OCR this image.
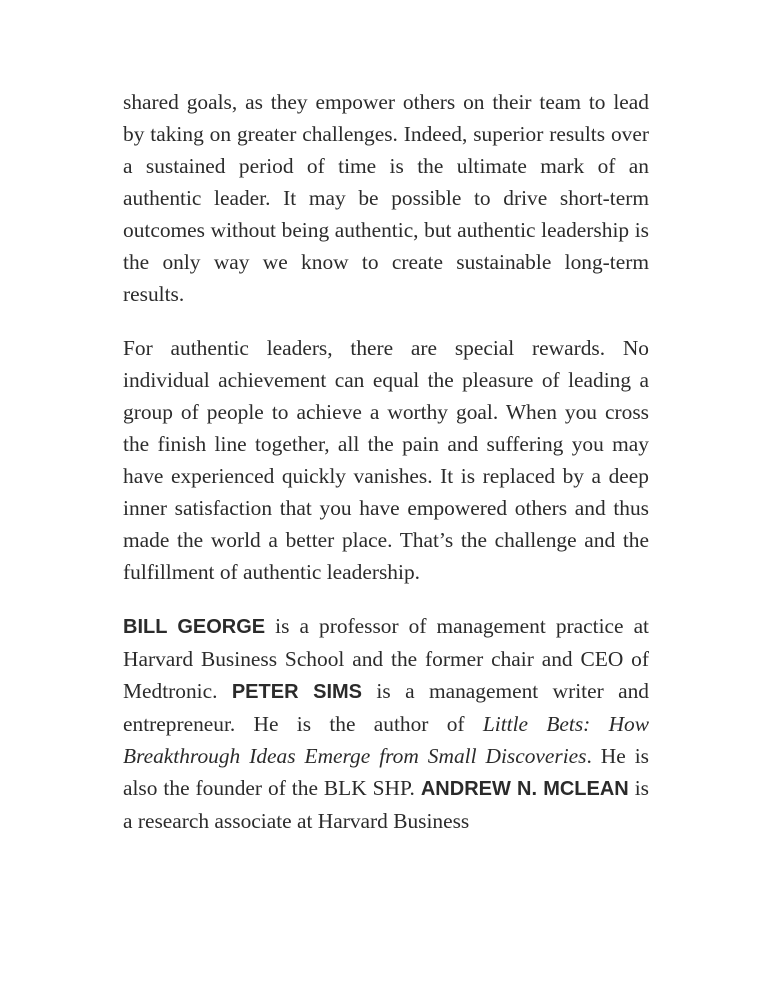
shared goals, as they empower others on their team to lead by taking on greater challenges. Indeed, superior results over a sustained period of time is the ultimate mark of an authentic leader. It may be possible to drive short-term outcomes without being authentic, but authentic leadership is the only way we know to create sustainable long-term results.

For authentic leaders, there are special rewards. No individual achievement can equal the pleasure of leading a group of people to achieve a worthy goal. When you cross the finish line together, all the pain and suffering you may have experienced quickly vanishes. It is replaced by a deep inner satisfaction that you have empowered others and thus made the world a better place. That’s the challenge and the fulfillment of authentic leadership.

BILL GEORGE is a professor of management practice at Harvard Business School and the former chair and CEO of Medtronic. PETER SIMS is a management writer and entrepreneur. He is the author of Little Bets: How Breakthrough Ideas Emerge from Small Discoveries. He is also the founder of the BLK SHP. ANDREW N. MCLEAN is a research associate at Harvard Business
